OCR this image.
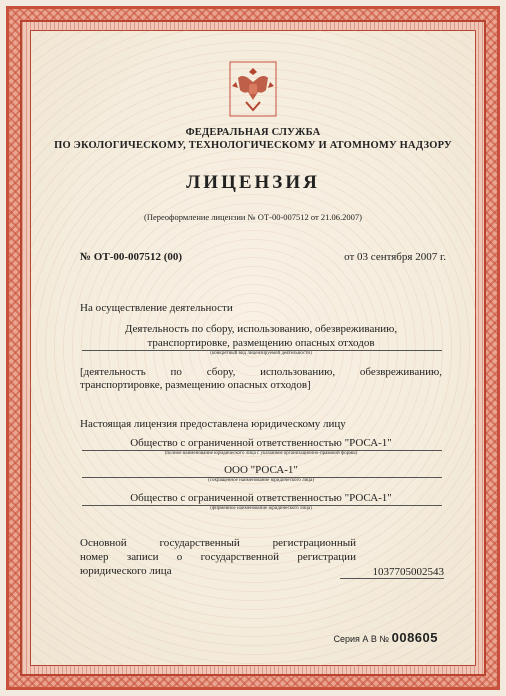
ФЕДЕРАЛЬНАЯ СЛУЖБА
ПО ЭКОЛОГИЧЕСКОМУ, ТЕХНОЛОГИЧЕСКОМУ И АТОМНОМУ НАДЗОРУ
ЛИЦЕНЗИЯ
(Переоформление лицензии № ОТ-00-007512 от 21.06.2007)
№ ОТ-00-007512 (00)	от 03 сентября 2007 г.
На осуществление деятельности
Деятельность по сбору, использованию, обезвреживанию,
транспортировке, размещению опасных отходов
(конкретный вид лицензируемой деятельности)
[деятельность по сбору, использованию, обезвреживанию,
транспортировке, размещению опасных отходов]
Настоящая лицензия предоставлена юридическому лицу
Общество с ограниченной ответственностью "РОСА-1"
(полное наименование юридического лица с указанием организационно-правовой формы)
ООО "РОСА-1"
(сокращенное наименование юридического лица)
Общество с ограниченной ответственностью "РОСА-1"
(фирменное наименование юридического лица)
Основной	государственный	регистрационный
номер записи о государственной регистрации
юридического лица	1037705002543
Серия А В № 008605
